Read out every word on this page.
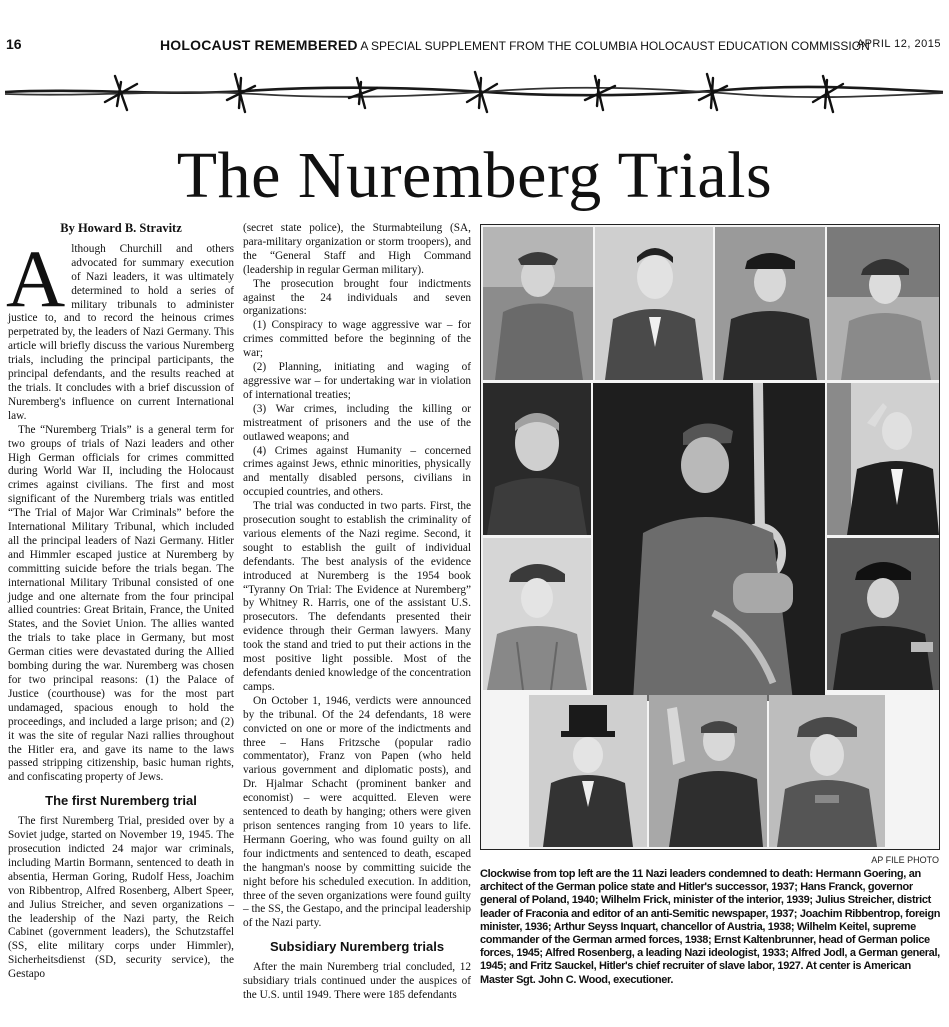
16	HOLOCAUST REMEMBERED A SPECIAL SUPPLEMENT FROM THE COLUMBIA HOLOCAUST EDUCATION COMMISSION
APRIL 12, 2015
The Nuremberg Trials
By Howard B. Stravitz

Although Churchill and others advocated for summary execution of Nazi leaders, it was ultimately determined to hold a series of military tribunals to administer justice to, and to record the heinous crimes perpetrated by, the leaders of Nazi Germany. This article will briefly discuss the various Nuremberg trials, including the principal participants, the principal defendants, and the results reached at the trials. It concludes with a brief discussion of Nuremberg's influence on current International law.

The “Nuremberg Trials” is a general term for two groups of trials of Nazi leaders and other High German officials for crimes committed during World War II, including the Holocaust crimes against civilians. The first and most significant of the Nuremberg trials was entitled “The Trial of Major War Criminals” before the International Military Tribunal, which included all the principal leaders of Nazi Germany. Hitler and Himmler escaped justice at Nuremberg by committing suicide before the trials began. The international Military Tribunal consisted of one judge and one alternate from the four principal allied countries: Great Britain, France, the United States, and the Soviet Union. The allies wanted the trials to take place in Germany, but most German cities were devastated during the Allied bombing during the war. Nuremberg was chosen for two principal reasons: (1) the Palace of Justice (courthouse) was for the most part undamaged, spacious enough to hold the proceedings, and included a large prison; and (2) it was the site of regular Nazi rallies throughout the Hitler era, and gave its name to the laws passed stripping citizenship, basic human rights, and confiscating property of Jews.

The first Nuremberg trial

The first Nuremberg Trial, presided over by a Soviet judge, started on November 19, 1945. The prosecution indicted 24 major war criminals, including Martin Bormann, sentenced to death in absentia, Herman Goring, Rudolf Hess, Joachim von Ribbentrop, Alfred Rosenberg, Albert Speer, and Julius Streicher, and seven organizations – the leadership of the Nazi party, the Reich Cabinet (government leaders), the Schutzstaffel (SS, elite military corps under Himmler), Sicherheitsdienst (SD, security service), the Gestapo

(secret state police), the Sturmabteilung (SA, para-military organization or storm troopers), and the “General Staff and High Command (leadership in regular German military).

The prosecution brought four indictments against the 24 individuals and seven organizations:

(1) Conspiracy to wage aggressive war – for crimes committed before the beginning of the war;

(2) Planning, initiating and waging of aggressive war – for undertaking war in violation of international treaties;

(3) War crimes, including the killing or mistreatment of prisoners and the use of the outlawed weapons; and

(4) Crimes against Humanity – concerned crimes against Jews, ethnic minorities, physically and mentally disabled persons, civilians in occupied countries, and others.

The trial was conducted in two parts. First, the prosecution sought to establish the criminality of various elements of the Nazi regime. Second, it sought to establish the guilt of individual defendants. The best analysis of the evidence introduced at Nuremberg is the 1954 book “Tyranny On Trial: The Evidence at Nuremberg” by Whitney R. Harris, one of the assistant U.S. prosecutors. The defendants presented their evidence through their German lawyers. Many took the stand and tried to put their actions in the most positive light possible. Most of the defendants denied knowledge of the concentration camps.

On October 1, 1946, verdicts were announced by the tribunal. Of the 24 defendants, 18 were convicted on one or more of the indictments and three – Hans Fritzsche (popular radio commentator), Franz von Papen (who held various government and diplomatic posts), and Dr. Hjalmar Schacht (prominent banker and economist) – were acquitted. Eleven were sentenced to death by hanging; others were given prison sentences ranging from 10 years to life. Hermann Goering, who was found guilty on all four indictments and sentenced to death, escaped the hangman's noose by committing suicide the night before his scheduled execution. In addition, three of the seven organizations were found guilty – the SS, the Gestapo, and the principal leadership of the Nazi party.

Subsidiary Nuremberg trials

After the main Nuremberg trial concluded, 12 subsidiary trials continued under the auspices of the U.S. until 1949. There were 185 defendants

AP FILE PHOTO
Clockwise from top left are the 11 Nazi leaders condemned to death: Hermann Goering, an architect of the German police state and Hitler's successor, 1937; Hans Franck, governor general of Poland, 1940; Wilhelm Frick, minister of the interior, 1939; Julius Streicher, district leader of Fraconia and editor of an anti-Semitic newspaper, 1937; Joachim Ribbentrop, foreign minister, 1936; Arthur Seyss Inquart, chancellor of Austria, 1938; Wilhelm Keitel, supreme commander of the German armed forces, 1938; Ernst Kaltenbrunner, head of German police forces, 1945; Alfred Rosenberg, a leading Nazi ideologist, 1933; Alfred Jodl, a German general, 1945; and Fritz Sauckel, Hitler's chief recruiter of slave labor, 1927. At center is American Master Sgt. John C. Wood, executioner.
